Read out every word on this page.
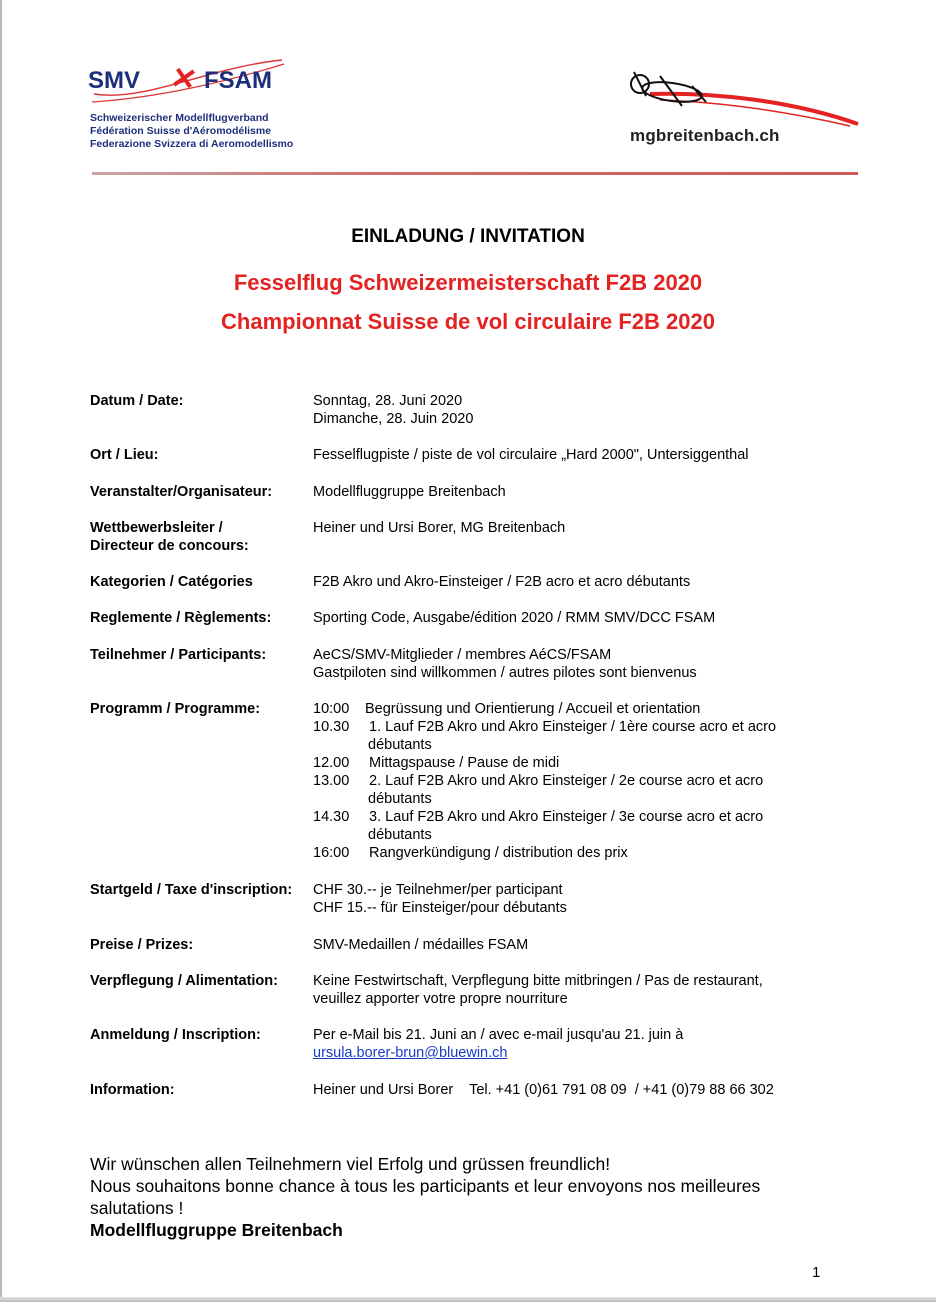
SMV	FSAM
Schweizerischer Modellflugverband
Fédération Suisse d'Aéromodélisme
Federazione Svizzera di Aeromodellismo	mgbreitenbach.ch
EINLADUNG / INVITATION
Fesselflug Schweizermeisterschaft F2B 2020
Championnat Suisse de vol circulaire F2B 2020
Datum / Date:	Sonntag, 28. Juni 2020
Dimanche, 28. Juin 2020
Ort / Lieu:	Fesselflugpiste / piste de vol circulaire „Hard 2000", Untersiggenthal
Veranstalter/Organisateur:	Modellfluggruppe Breitenbach
Wettbewerbsleiter /
Directeur de concours:
Heiner und Ursi Borer, MG Breitenbach
Kategorien / Catégories	F2B Akro und Akro-Einsteiger / F2B acro et acro débutants
Reglemente / Règlements:	Sporting Code, Ausgabe/édition 2020 / RMM SMV/DCC FSAM
Teilnehmer / Participants:	AeCS/SMV-Mitglieder / membres AéCS/FSAM
Gastpiloten sind willkommen / autres pilotes sont bienvenus
Programm / Programme:	10:00 Begrüssung und Orientierung / Accueil et orientation
10.30 1. Lauf F2B Akro und Akro Einsteiger / 1ère course acro et acro
débutants
12.00 Mittagspause / Pause de midi
13.00 2. Lauf F2B Akro und Akro Einsteiger / 2e course acro et acro
débutants
14.30 3. Lauf F2B Akro und Akro Einsteiger / 3e course acro et acro
débutants
16:00 Rangverkündigung / distribution des prix
Startgeld / Taxe d'inscription: CHF 30.-- je Teilnehmer/per participant
CHF 15.-- für Einsteiger/pour débutants
Preise / Prizes:	SMV-Medaillen / médailles FSAM
Verpflegung / Alimentation: Keine Festwirtschaft, Verpflegung bitte mitbringen / Pas de restaurant,
veuillez apporter votre propre nourriture
Anmeldung / Inscription:	Per e-Mail bis 21. Juni an / avec e-mail jusqu'au 21. juin à
ursula.borer-brun@bluewin.ch
Information:	Heiner und Ursi Borer    Tel. +41 (0)61 791 08 09  / +41 (0)79 88 66 302
Wir wünschen allen Teilnehmern viel Erfolg und grüssen freundlich!
Nous souhaitons bonne chance à tous les participants et leur envoyons nos meilleures
salutations !
Modellfluggruppe Breitenbach
1
